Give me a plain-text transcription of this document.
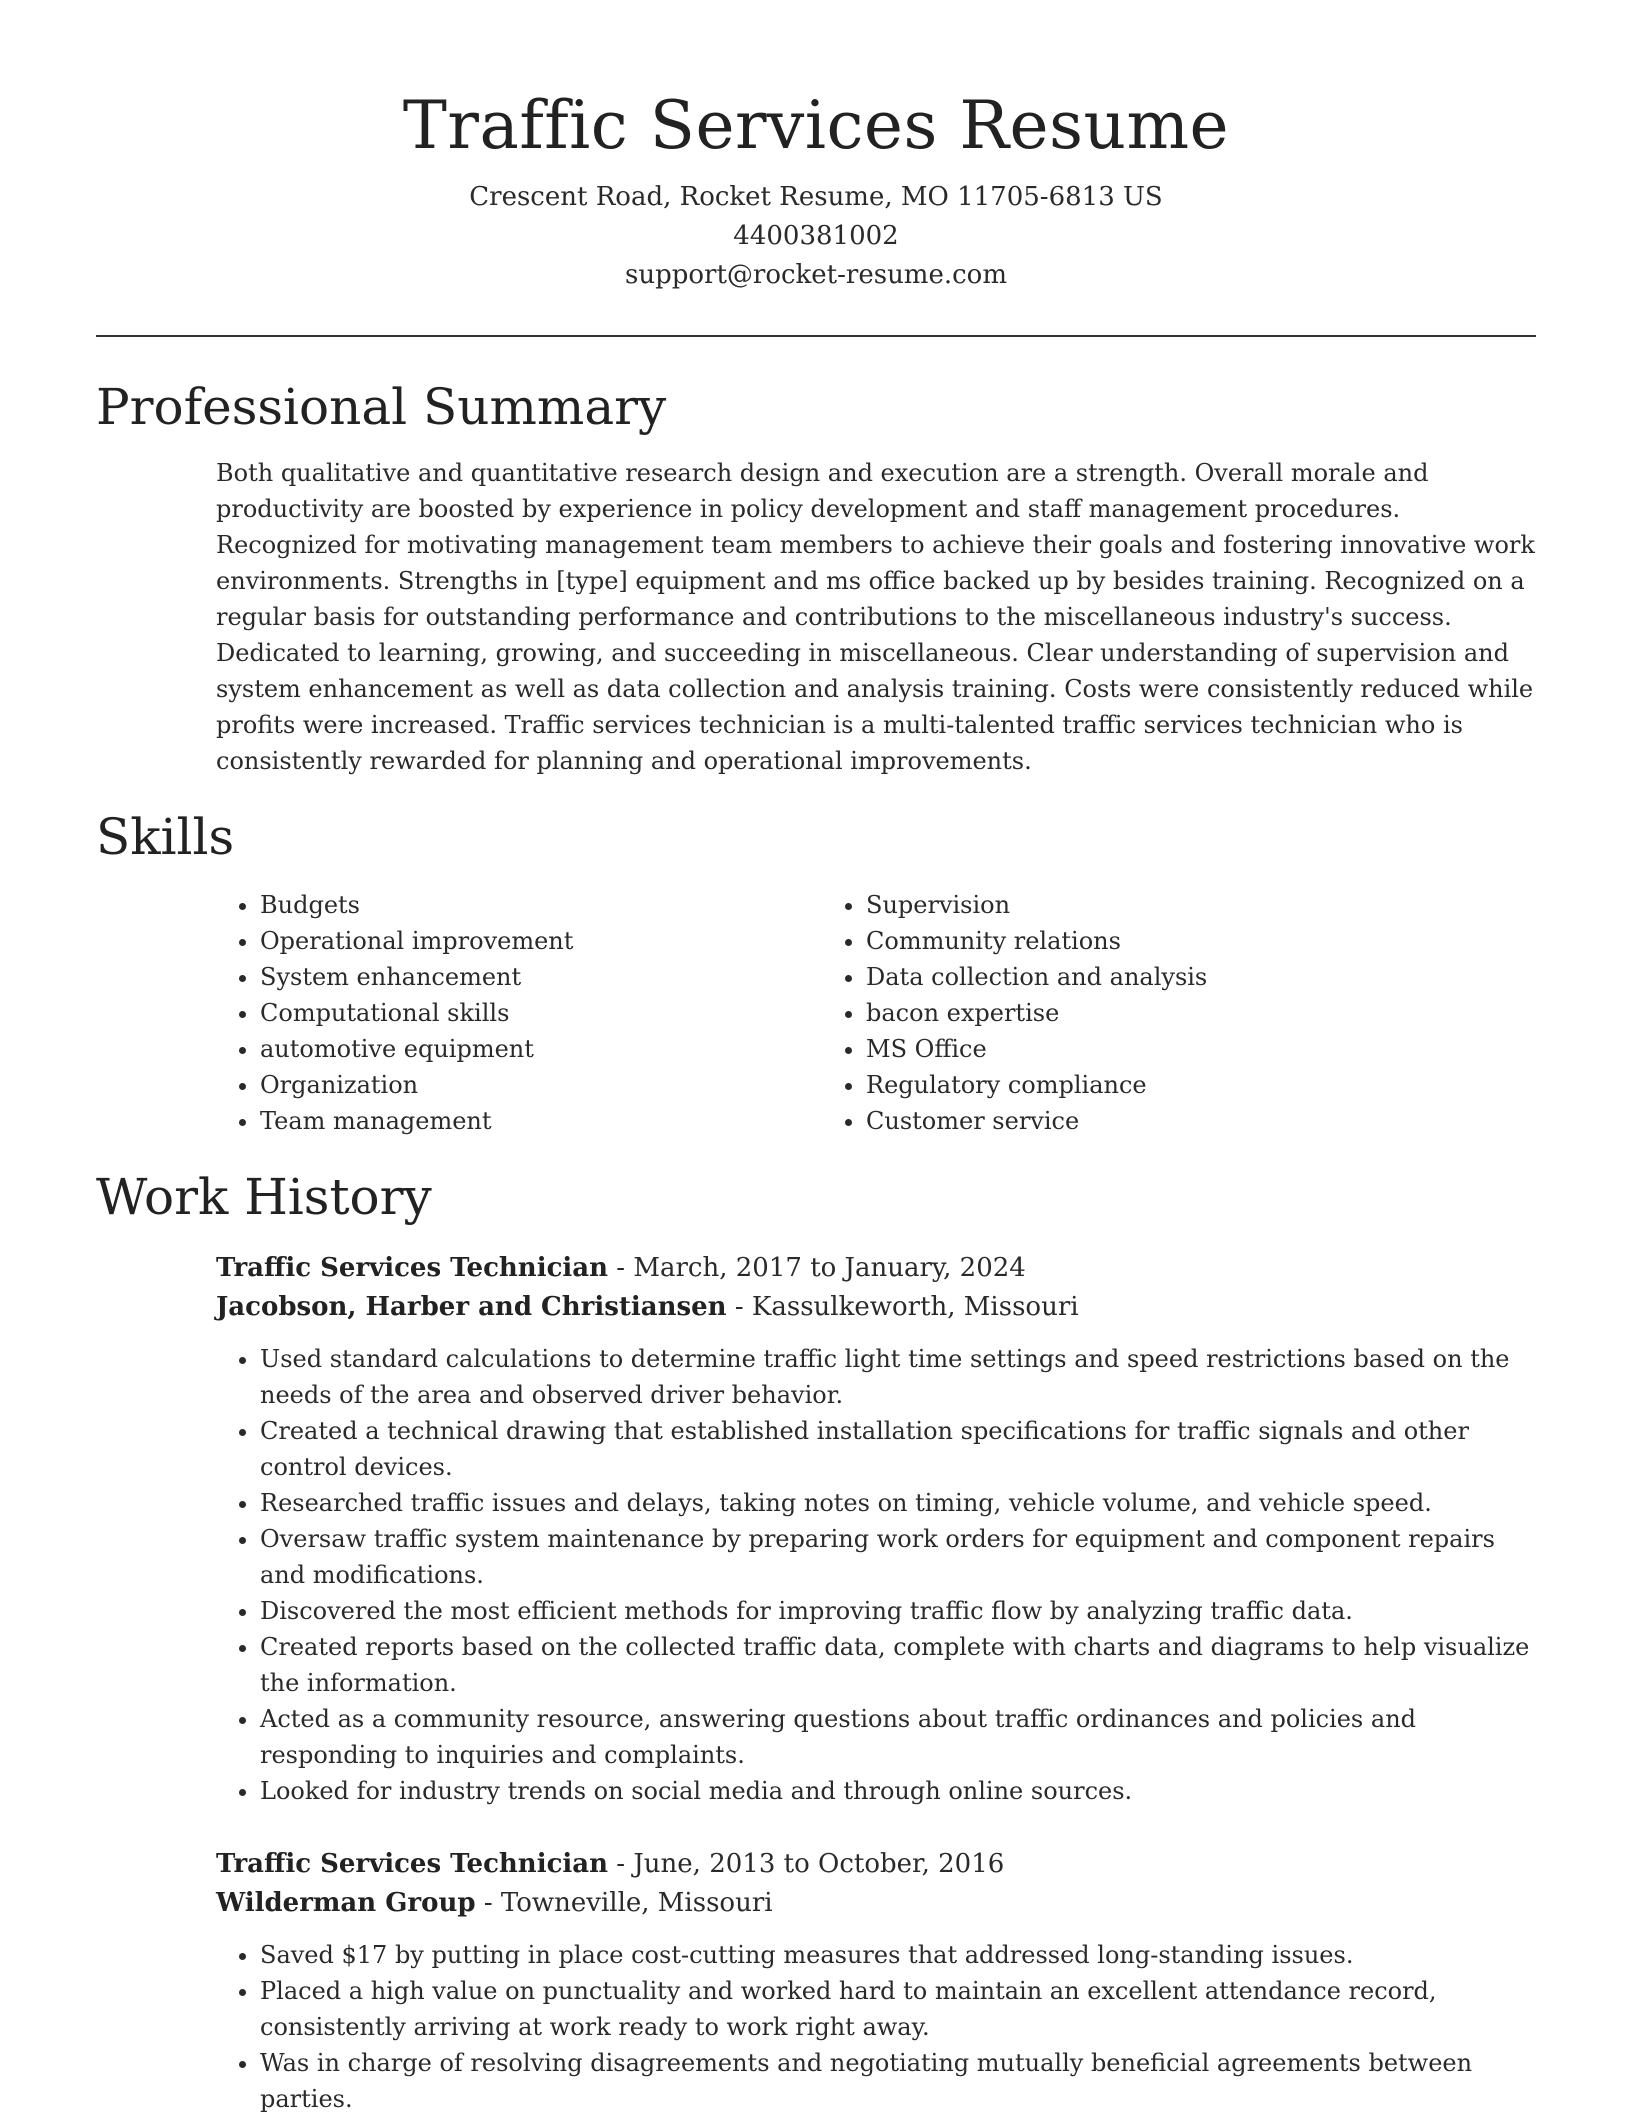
Traffic Services Resume
Crescent Road, Rocket Resume, MO 11705-6813 US
4400381002
support@rocket-resume.com
Professional Summary

Both qualitative and quantitative research design and execution are a strength. Overall morale and productivity are boosted by experience in policy development and staff management procedures. Recognized for motivating management team members to achieve their goals and fostering innovative work environments. Strengths in [type] equipment and ms office backed up by besides training. Recognized on a regular basis for outstanding performance and contributions to the miscellaneous industry's success. Dedicated to learning, growing, and succeeding in miscellaneous. Clear understanding of supervision and system enhancement as well as data collection and analysis training. Costs were consistently reduced while profits were increased. Traffic services technician is a multi-talented traffic services technician who is consistently rewarded for planning and operational improvements.

Skills
• Budgets
• Operational improvement
• System enhancement
• Computational skills
• automotive equipment
• Organization
• Team management
• Supervision
• Community relations
• Data collection and analysis
• bacon expertise
• MS Office
• Regulatory compliance
• Customer service
Work History
Traffic Services Technician - March, 2017 to January, 2024
Jacobson, Harber and Christiansen - Kassulkeworth, Missouri
• Used standard calculations to determine traffic light time settings and speed restrictions based on the needs of the area and observed driver behavior.
• Created a technical drawing that established installation specifications for traffic signals and other control devices.
• Researched traffic issues and delays, taking notes on timing, vehicle volume, and vehicle speed.
• Oversaw traffic system maintenance by preparing work orders for equipment and component repairs and modifications.
• Discovered the most efficient methods for improving traffic flow by analyzing traffic data.
• Created reports based on the collected traffic data, complete with charts and diagrams to help visualize the information.
• Acted as a community resource, answering questions about traffic ordinances and policies and responding to inquiries and complaints.
• Looked for industry trends on social media and through online sources.
Traffic Services Technician - June, 2013 to October, 2016
Wilderman Group - Towneville, Missouri
• Saved $17 by putting in place cost-cutting measures that addressed long-standing issues.
• Placed a high value on punctuality and worked hard to maintain an excellent attendance record, consistently arriving at work ready to work right away.
• Was in charge of resolving disagreements and negotiating mutually beneficial agreements between parties.
